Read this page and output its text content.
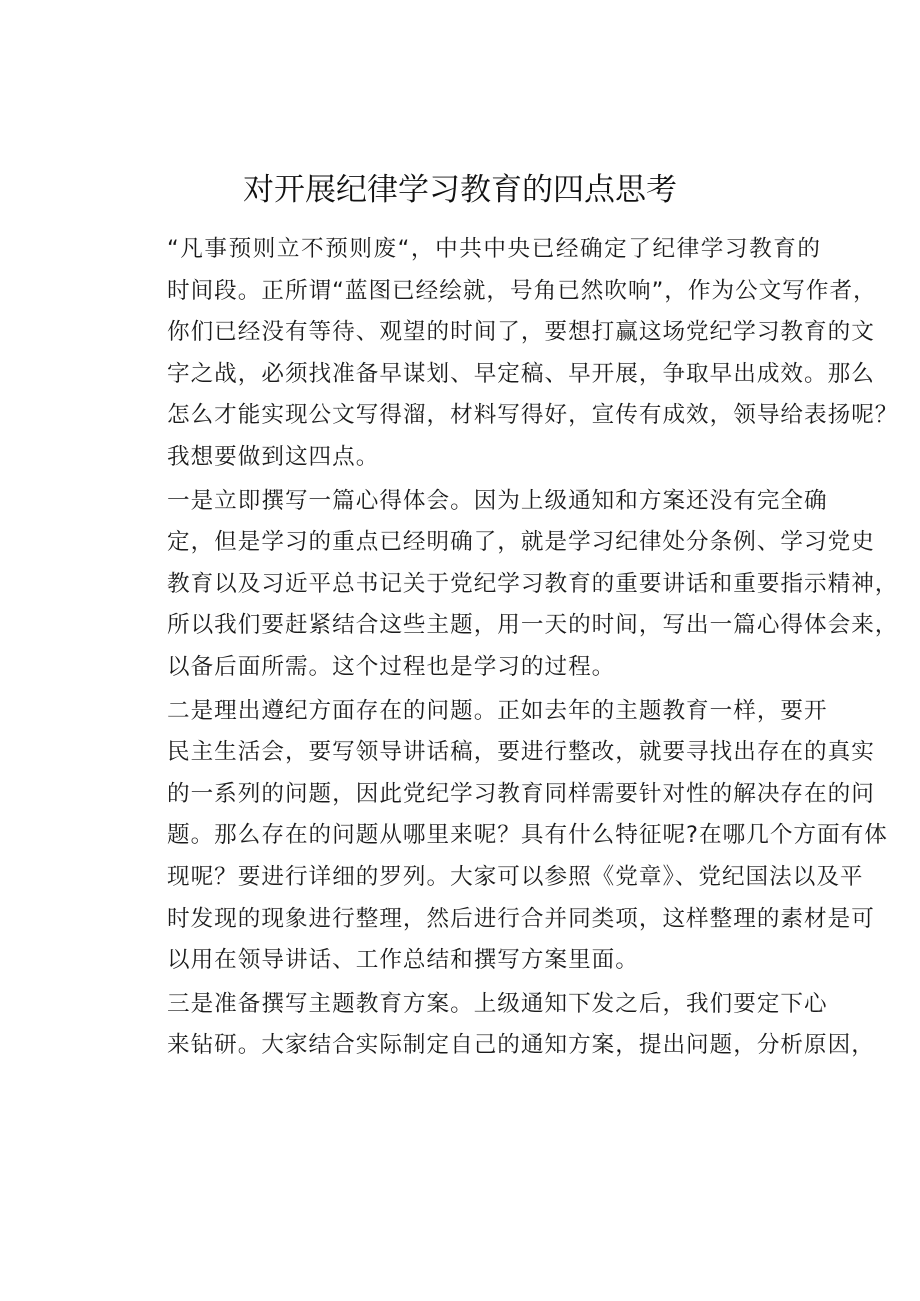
对开展纪律学习教育的四点思考
“凡事预则立不预则废“，中共中央已经确定了纪律学习教育的
时间段。正所谓“蓝图已经绘就，号角已然吹响”，作为公文写作者，
你们已经没有等待、观望的时间了，要想打赢这场党纪学习教育的文
字之战，必须找准备早谋划、早定稿、早开展，争取早出成效。那么
怎么才能实现公文写得溜，材料写得好，宣传有成效，领导给表扬呢？
我想要做到这四点。
一是立即撰写一篇心得体会。因为上级通知和方案还没有完全确
定，但是学习的重点已经明确了，就是学习纪律处分条例、学习党史
教育以及习近平总书记关于党纪学习教育的重要讲话和重要指示精神，
所以我们要赶紧结合这些主题，用一天的时间，写出一篇心得体会来，
以备后面所需。这个过程也是学习的过程。
二是理出遵纪方面存在的问题。正如去年的主题教育一样，要开
民主生活会，要写领导讲话稿，要进行整改，就要寻找出存在的真实
的一系列的问题，因此党纪学习教育同样需要针对性的解决存在的问
题。那么存在的问题从哪里来呢？具有什么特征呢?在哪几个方面有体
现呢？要进行详细的罗列。大家可以参照《党章》、党纪国法以及平
时发现的现象进行整理，然后进行合并同类项，这样整理的素材是可
以用在领导讲话、工作总结和撰写方案里面。
三是准备撰写主题教育方案。上级通知下发之后，我们要定下心
来钻研。大家结合实际制定自己的通知方案，提出问题，分析原因，
